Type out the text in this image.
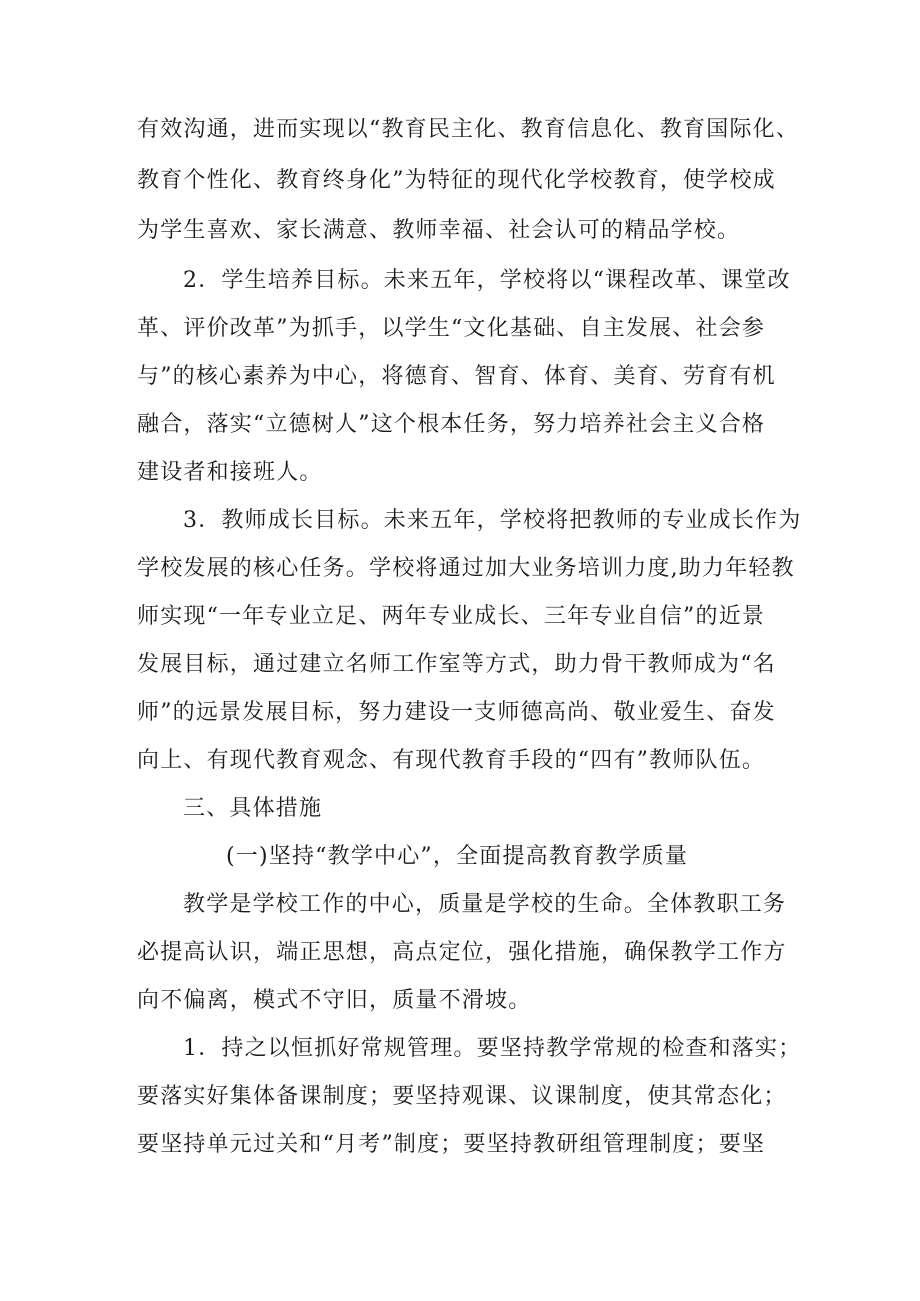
有效沟通，进而实现以“教育民主化、教育信息化、教育国际化、
教育个性化、教育终身化”为特征的现代化学校教育，使学校成
为学生喜欢、家长满意、教师幸福、社会认可的精品学校。
2．学生培养目标。未来五年，学校将以“课程改革、课堂改
革、评价改革”为抓手，以学生“文化基础、自主发展、社会参
与”的核心素养为中心，将德育、智育、体育、美育、劳育有机
融合，落实“立德树人”这个根本任务，努力培养社会主义合格
建设者和接班人。
3．教师成长目标。未来五年，学校将把教师的专业成长作为
学校发展的核心任务。学校将通过加大业务培训力度,助力年轻教
师实现“一年专业立足、两年专业成长、三年专业自信”的近景
发展目标，通过建立名师工作室等方式，助力骨干教师成为“名
师”的远景发展目标，努力建设一支师德高尚、敬业爱生、奋发
向上、有现代教育观念、有现代教育手段的“四有”教师队伍。
三、具体措施
(一)坚持“教学中心”，全面提高教育教学质量
教学是学校工作的中心，质量是学校的生命。全体教职工务
必提高认识，端正思想，高点定位，强化措施，确保教学工作方
向不偏离，模式不守旧，质量不滑坡。
1．持之以恒抓好常规管理。要坚持教学常规的检查和落实；
要落实好集体备课制度；要坚持观课、议课制度，使其常态化；
要坚持单元过关和“月考”制度；要坚持教研组管理制度；要坚
